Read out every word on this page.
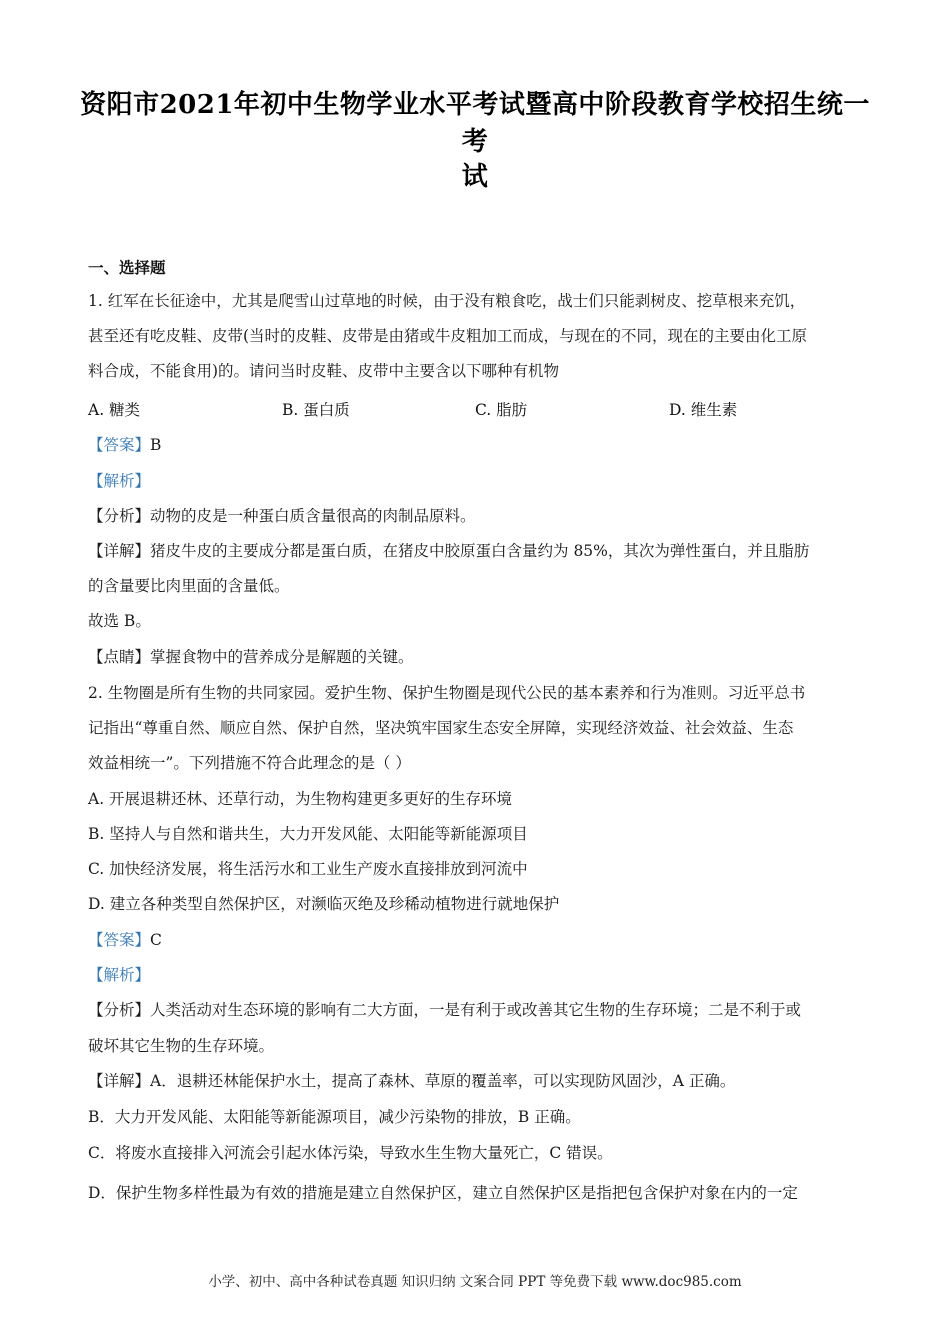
资阳市2021年初中生物学业水平考试暨高中阶段教育学校招生统一考
试
一、选择题
1. 红军在长征途中，尤其是爬雪山过草地的时候，由于没有粮食吃，战士们只能剥树皮、挖草根来充饥，
甚至还有吃皮鞋、皮带(当时的皮鞋、皮带是由猪或牛皮粗加工而成，与现在的不同，现在的主要由化工原
料合成，不能食用)的。请问当时皮鞋、皮带中主要含以下哪种有机物
A. 糖类	B. 蛋白质	C. 脂肪	D. 维生素
【答案】B
【解析】
【分析】动物的皮是一种蛋白质含量很高的肉制品原料。
【详解】猪皮牛皮的主要成分都是蛋白质，在猪皮中胶原蛋白含量约为 85%，其次为弹性蛋白，并且脂肪
的含量要比肉里面的含量低。
故选 B。
【点睛】掌握食物中的营养成分是解题的关键。
2. 生物圈是所有生物的共同家园。爱护生物、保护生物圈是现代公民的基本素养和行为准则。习近平总书
记指出“尊重自然、顺应自然、保护自然，坚决筑牢国家生态安全屏障，实现经济效益、社会效益、生态
效益相统一”。下列措施不符合此理念的是（ ）
A. 开展退耕还林、还草行动，为生物构建更多更好的生存环境
B. 坚持人与自然和谐共生，大力开发风能、太阳能等新能源项目
C. 加快经济发展，将生活污水和工业生产废水直接排放到河流中
D. 建立各种类型自然保护区，对濒临灭绝及珍稀动植物进行就地保护
【答案】C
【解析】
【分析】人类活动对生态环境的影响有二大方面，一是有利于或改善其它生物的生存环境；二是不利于或
破坏其它生物的生存环境。
【详解】A．退耕还林能保护水土，提高了森林、草原的覆盖率，可以实现防风固沙，A 正确。
B．大力开发风能、太阳能等新能源项目，减少污染物的排放，B 正确。
C．将废水直接排入河流会引起水体污染，导致水生生物大量死亡，C 错误。
D．保护生物多样性最为有效的措施是建立自然保护区，建立自然保护区是指把包含保护对象在内的一定
小学、初中、高中各种试卷真题 知识归纳 文案合同 PPT 等免费下载 www.doc985.com
